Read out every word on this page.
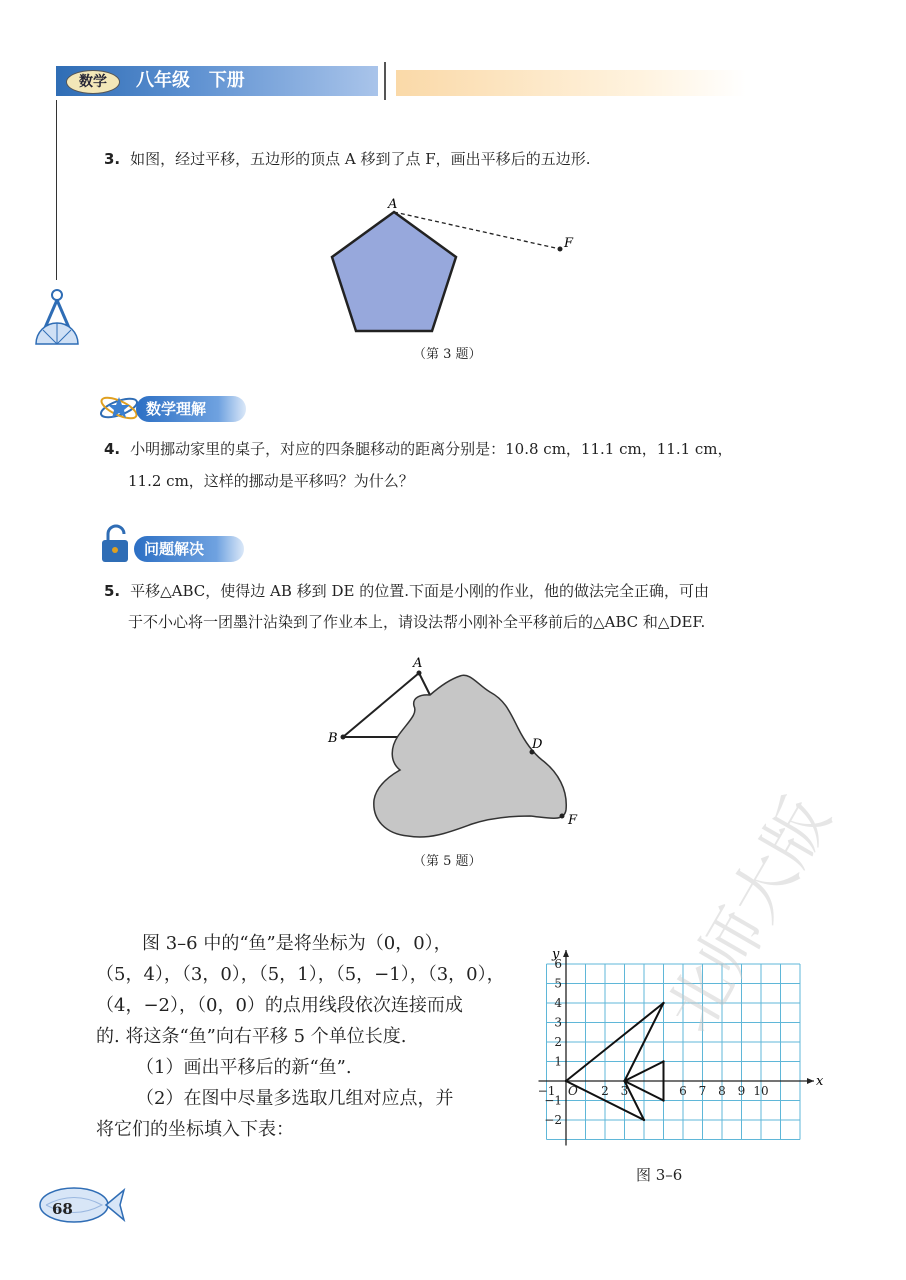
数学	八年级   下册
3. 如图，经过平移，五边形的顶点 A 移到了点 F，画出平移后的五边形.
A
F
（第 3 题）
数学理解
4. 小明挪动家里的桌子，对应的四条腿移动的距离分别是：10.8 cm，11.1 cm，11.1 cm，
11.2 cm，这样的挪动是平移吗？为什么？
问题解决
5. 平移△ABC，使得边 AB 移到 DE 的位置.下面是小刚的作业，他的做法完全正确，可由
于不小心将一团墨汁沾染到了作业本上，请设法帮小刚补全平移前后的△ABC 和△DEF.
A
B	D
F
（第 5 题）
图 3–6 中的“鱼”是将坐标为（0，0），
（5，4），（3，0），（5，1），（5，−1），（3，0），
（4，−2），（0，0）的点用线段依次连接而成
的. 将这条“鱼”向右平移 5 个单位长度.
（1）画出平移后的新“鱼”.
（2）在图中尽量多选取几组对应点，并
将它们的坐标填入下表：
x
y
−1 O 2 3	6 7 8 9 10
6
5
4
3
2
1
−1
−2
图 3–6
68
北师大版
